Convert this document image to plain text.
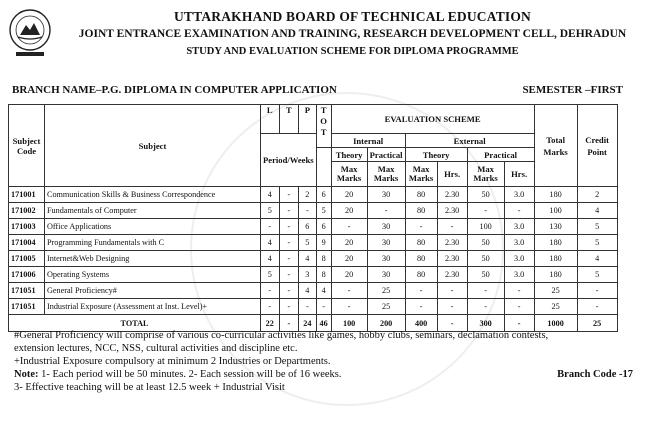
UTTARAKHAND BOARD OF TECHNICAL EDUCATION
JOINT ENTRANCE EXAMINATION AND TRAINING, RESEARCH DEVELOPMENT CELL, DEHRADUN
STUDY AND EVALUATION SCHEME FOR DIPLOMA PROGRAMME
BRANCH NAME–P.G. DIPLOMA IN COMPUTER APPLICATION	SEMESTER –FIRST
Subject Code	Subject	L	T	P	T
O
T	EVALUATION SCHEME						Total Marks	Credit Point
		Period/Weeks				Internal		External					
						Theory	Practical	Theory		Practical			
						Max Marks	Max Marks	Max Marks	Hrs.	Max Marks	Hrs.		
171001	Communication Skills & Business Correspondence	4	-	2	6	20	30	80	2.30	50	3.0	180	2
171002	Fundamentals of Computer	5	-	-	5	20	-	80	2.30	-	-	100	4
171003	Office Applications	-	-	6	6	-	30	-	-	100	3.0	130	5
171004	Programming Fundamentals with C	4	-	5	9	20	30	80	2.30	50	3.0	180	5
171005	Internet&Web Designing	4	-	4	8	20	30	80	2.30	50	3.0	180	4
171006	Operating Systems	5	-	3	8	20	30	80	2.30	50	3.0	180	5
171051	General Proficiency#	-	-	4	4	-	25	-	-	-	-	25	-
171051	Industrial Exposure (Assessment at Inst. Level)+	-	-	-	-	-	25	-	-	-	-	25	-
TOTAL		22	-	24	46	100	200	400	-	300	-	1000	25
#General Proficiency will comprise of various co-curricular activities like games, hobby clubs, seminars, declamation contests,
extension lectures, NCC, NSS, cultural activities and discipline etc.
+Industrial Exposure compulsory at minimum 2 Industries or Departments.
Note: 1- Each period will be 50 minutes. 2- Each session will be of 16 weeks.
3- Effective teaching will be at least 12.5 week + Industrial Visit
Branch Code -17
